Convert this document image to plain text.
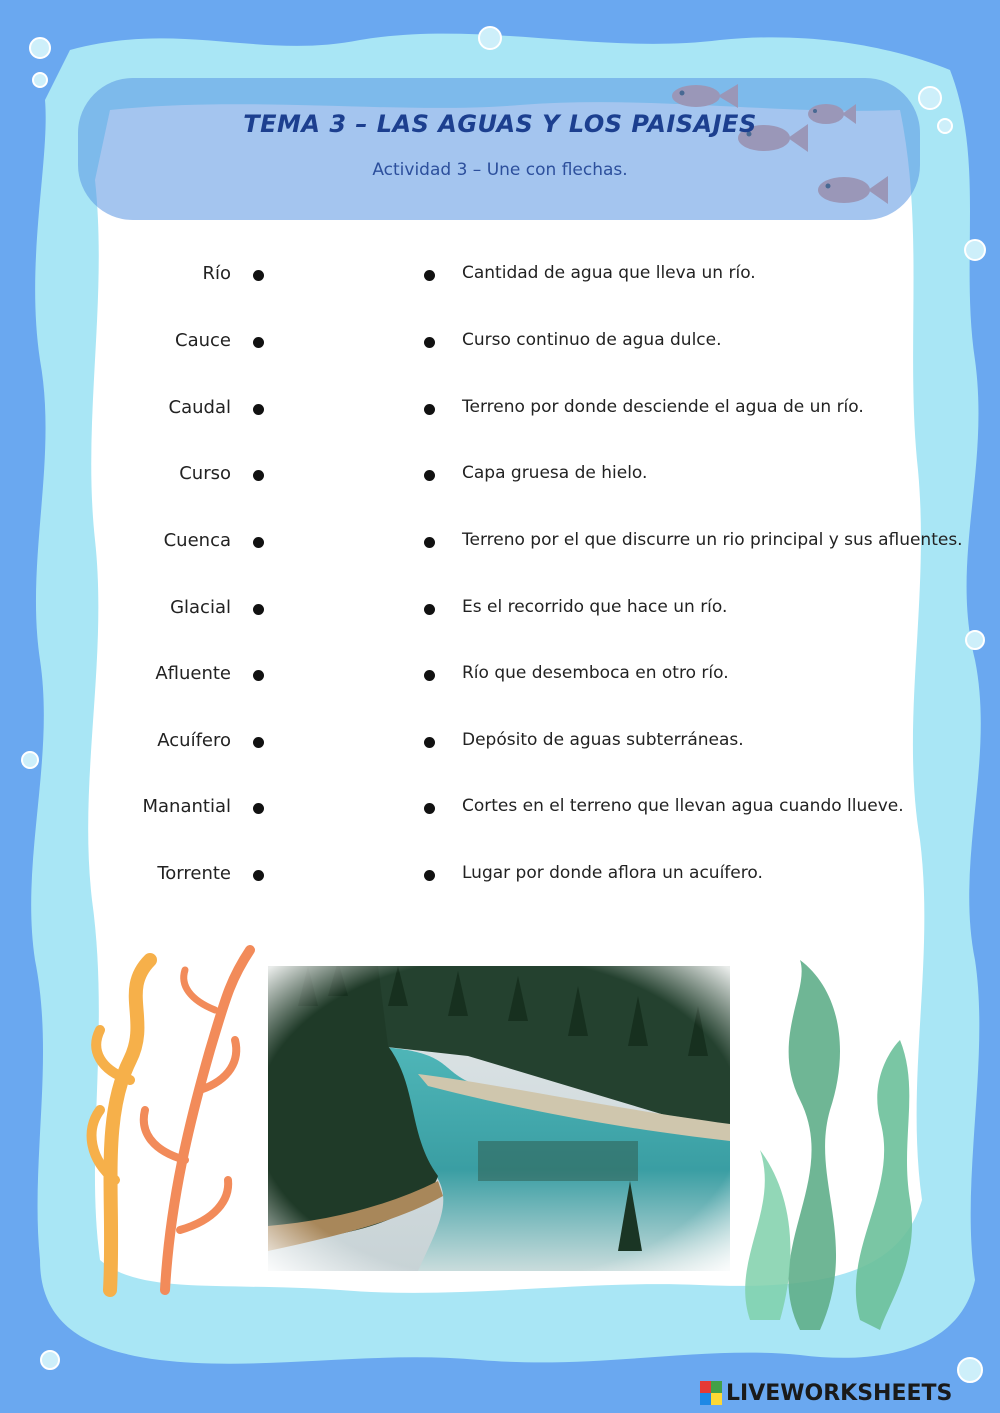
TEMA 3 – LAS AGUAS Y LOS PAISAJES
Actividad 3 – Une con flechas.
Río	Cantidad de agua que lleva un río.
Cauce	Curso continuo de agua dulce.
Caudal	Terreno por donde desciende el agua de un río.
Curso	Capa gruesa de hielo.
Cuenca	Terreno por el que discurre un rio principal y sus afluentes.
Glacial	Es el recorrido que hace un río.
Afluente	Río que desemboca en otro río.
Acuífero	Depósito de aguas subterráneas.
Manantial	Cortes en el terreno que llevan agua cuando llueve.
Torrente	Lugar por donde aflora un acuífero.
LIVEWORKSHEETS
